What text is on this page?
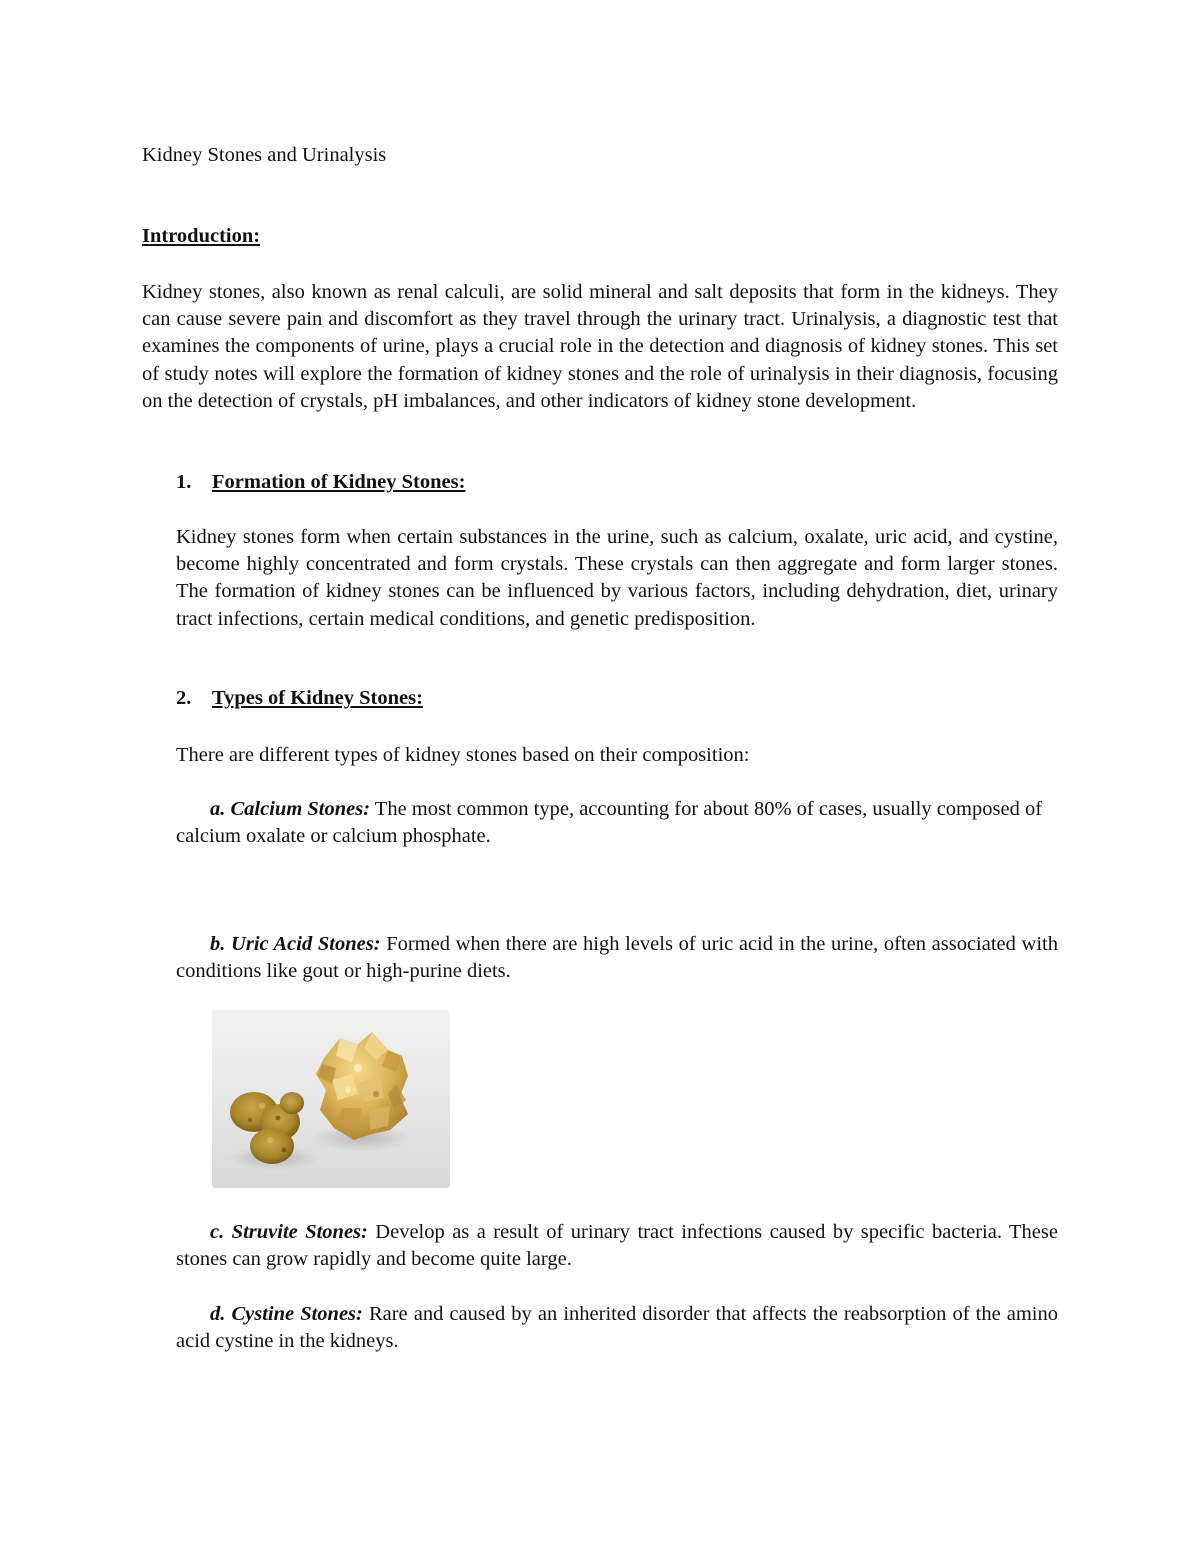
Kidney Stones and Urinalysis
Introduction:

Kidney stones, also known as renal calculi, are solid mineral and salt deposits that form in the kidneys. They can cause severe pain and discomfort as they travel through the urinary tract. Urinalysis, a diagnostic test that examines the components of urine, plays a crucial role in the detection and diagnosis of kidney stones. This set of study notes will explore the formation of kidney stones and the role of urinalysis in their diagnosis, focusing on the detection of crystals, pH imbalances, and other indicators of kidney stone development.

1. Formation of Kidney Stones:

Kidney stones form when certain substances in the urine, such as calcium, oxalate, uric acid, and cystine, become highly concentrated and form crystals. These crystals can then aggregate and form larger stones. The formation of kidney stones can be influenced by various factors, including dehydration, diet, urinary tract infections, certain medical conditions, and genetic predisposition.

2. Types of Kidney Stones:

There are different types of kidney stones based on their composition:

a. Calcium Stones: The most common type, accounting for about 80% of cases, usually composed of calcium oxalate or calcium phosphate.

b. Uric Acid Stones: Formed when there are high levels of uric acid in the urine, often associated with conditions like gout or high-purine diets.

c. Struvite Stones: Develop as a result of urinary tract infections caused by specific bacteria. These stones can grow rapidly and become quite large.

d. Cystine Stones: Rare and caused by an inherited disorder that affects the reabsorption of the amino acid cystine in the kidneys.
